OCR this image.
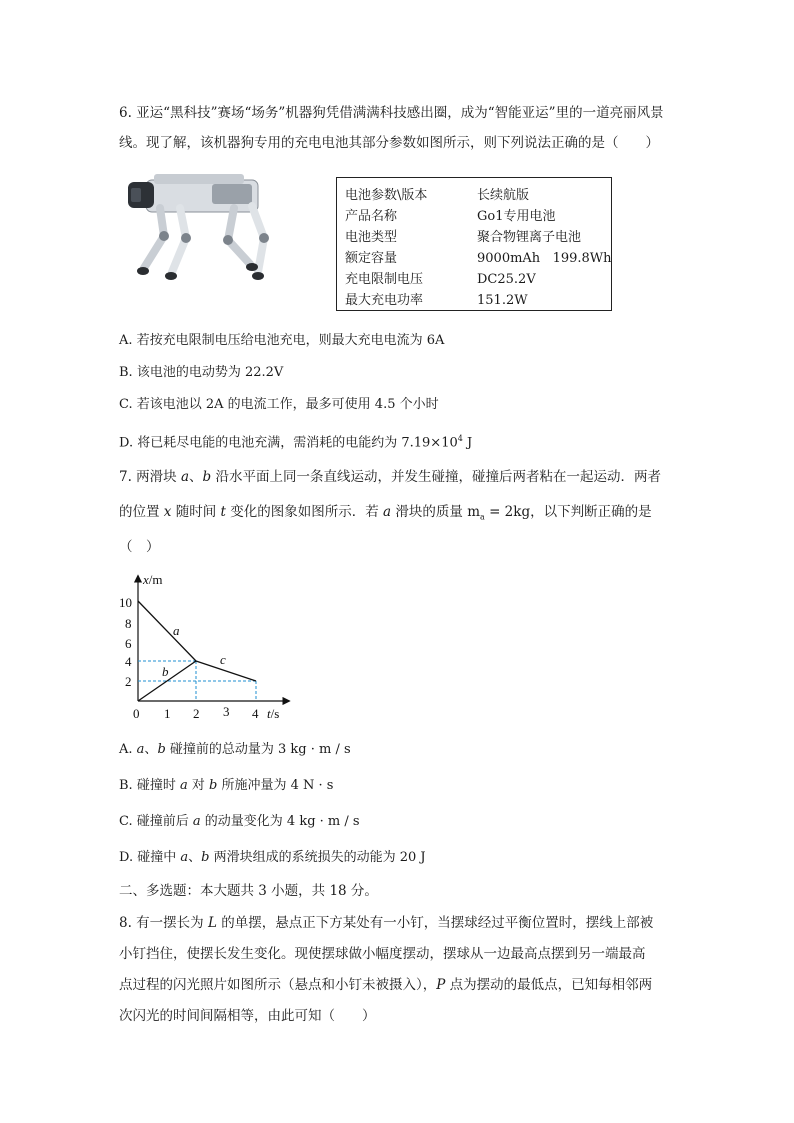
6. 亚运“黑科技”赛场“场务”机器狗凭借满满科技感出圈，成为“智能亚运”里的一道亮丽风景
线。现了解，该机器狗专用的充电电池其部分参数如图所示，则下列说法正确的是（　　）
电池参数\版本	长续航版
产品名称	Go1专用电池
电池类型	聚合物锂离子电池
额定容量	9000mAh   199.8Wh
充电限制电压	DC25.2V
最大充电功率	151.2W
A. 若按充电限制电压给电池充电，则最大充电电流为 6A
B. 该电池的电动势为 22.2V
C. 若该电池以 2A 的电流工作，最多可使用 4.5 个小时
D. 将已耗尽电能的电池充满，需消耗的电能约为 $7.19\times 10^4$ J
7. 两滑块 a、b 沿水平面上同一条直线运动，并发生碰撞，碰撞后两者粘在一起运动．两者
的位置 x 随时间 t 变化的图象如图所示．若 a 滑块的质量 $m_a = 2kg$，以下判断正确的是
（　）
x/m
t/s
10
8
6
4
2
0 1 2 3 4
a
b
c
A. a、b 碰撞前的总动量为 3 kg · m / s
B. 碰撞时 a 对 b 所施冲量为 4 N · s
C. 碰撞前后 a 的动量变化为 4 kg · m / s
D. 碰撞中 a、b 两滑块组成的系统损失的动能为 20 J
二、多选题：本大题共 3 小题，共 18 分。
8. 有一摆长为 L 的单摆，悬点正下方某处有一小钉，当摆球经过平衡位置时，摆线上部被
小钉挡住，使摆长发生变化。现使摆球做小幅度摆动，摆球从一边最高点摆到另一端最高
点过程的闪光照片如图所示（悬点和小钉未被摄入），P 点为摆动的最低点，已知每相邻两
次闪光的时间间隔相等，由此可知（　　）
